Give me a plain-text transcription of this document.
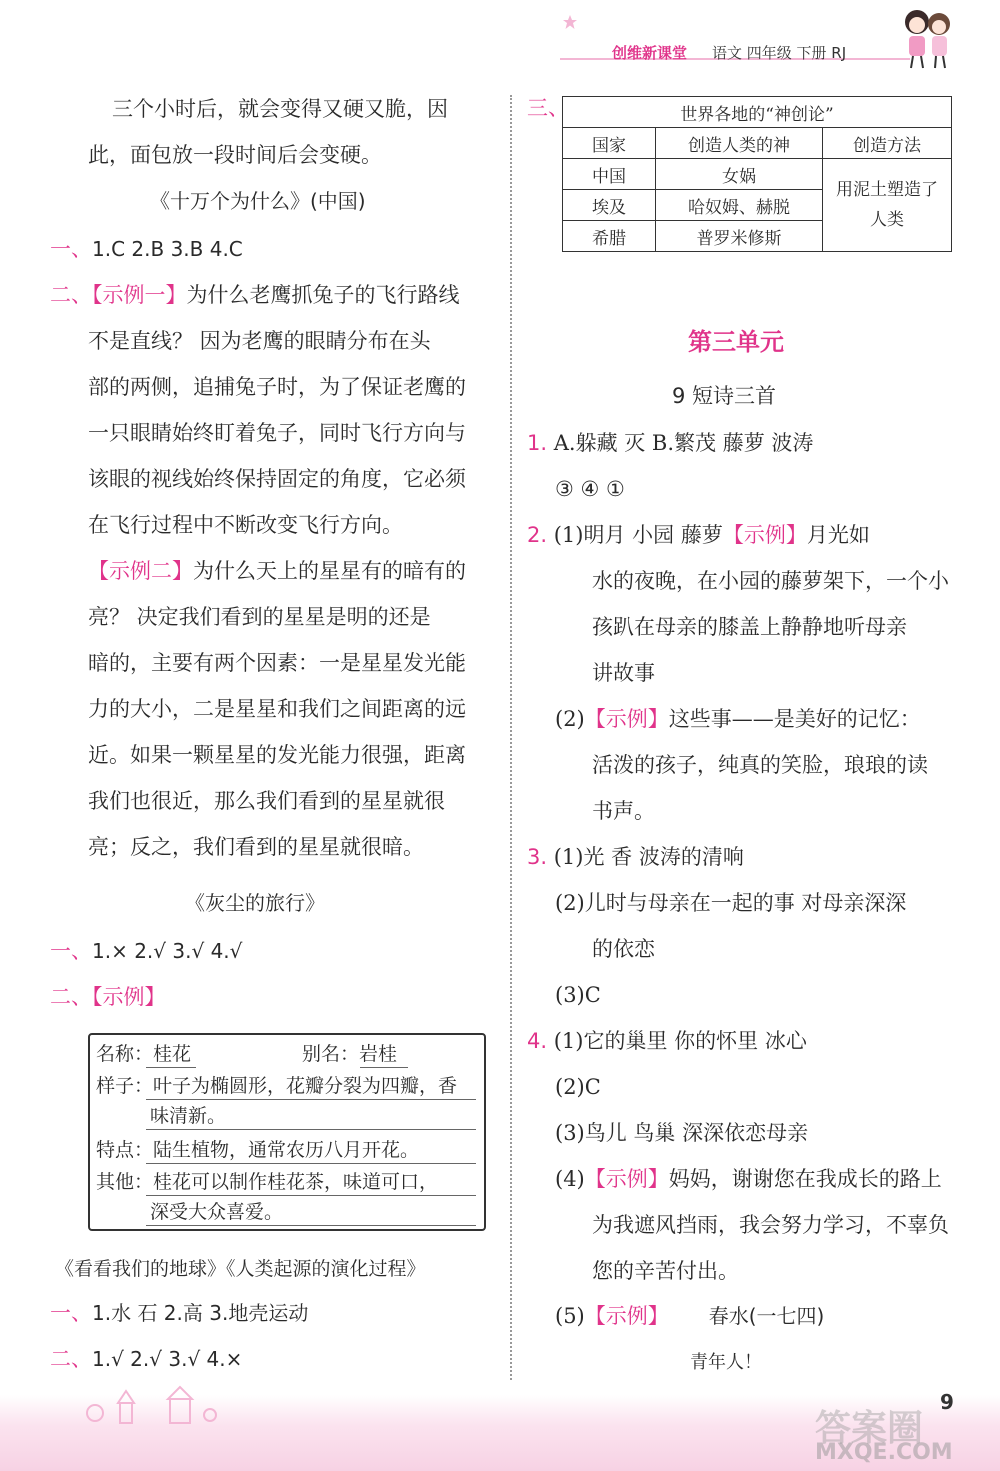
创维新课堂 语文 四年级 下册 RJ
三个小时后，就会变得又硬又脆，因
此，面包放一段时间后会变硬。
《十万个为什么》(中国)
一、1.C 2.B 3.B 4.C
二、【示例一】为什么老鹰抓兔子的飞行路线
不是直线？ 因为老鹰的眼睛分布在头
部的两侧，追捕兔子时，为了保证老鹰的
一只眼睛始终盯着兔子，同时飞行方向与
该眼的视线始终保持固定的角度，它必须
在飞行过程中不断改变飞行方向。
【示例二】为什么天上的星星有的暗有的
亮？ 决定我们看到的星星是明的还是
暗的，主要有两个因素：一是星星发光能
力的大小，二是星星和我们之间距离的远
近。如果一颗星星的发光能力很强，距离
我们也很近，那么我们看到的星星就很
亮；反之，我们看到的星星就很暗。
《灰尘的旅行》
一、1.× 2.√ 3.√ 4.√
二、【示例】
名称：桂花	别名：岩桂
样子：叶子为椭圆形，花瓣分裂为四瓣，香
味清新。
特点：陆生植物，通常农历八月开花。
其他：桂花可以制作桂花茶，味道可口，
深受大众喜爱。
《看看我们的地球》《人类起源的演化过程》
一、1.水 石 2.高 3.地壳运动
二、1.√ 2.√ 3.√ 4.×
三、	世界各地的“神创论”		
国家	创造人类的神	创造方法
中国	女娲	用泥土塑造了人类
埃及	哈奴姆、赫脱	
希腊	普罗米修斯	
第三单元
9 短诗三首
1. A.躲藏 灭 B.繁茂 藤萝 波涛
③ ④ ①
2. (1)明月 小园 藤萝【示例】月光如
水的夜晚，在小园的藤萝架下，一个小
孩趴在母亲的膝盖上静静地听母亲
讲故事
(2)【示例】这些事——是美好的记忆：
活泼的孩子，纯真的笑脸，琅琅的读
书声。
3. (1)光 香 波涛的清响
(2)儿时与母亲在一起的事 对母亲深深
的依恋
(3)C
4. (1)它的巢里 你的怀里 冰心
(2)C
(3)鸟儿 鸟巢 深深依恋母亲
(4)【示例】妈妈，谢谢您在我成长的路上
为我遮风挡雨，我会努力学习，不辜负
您的辛苦付出。
(5)【示例】 春水(一七四)
青年人！
答案圈
MXQE.COM
9
